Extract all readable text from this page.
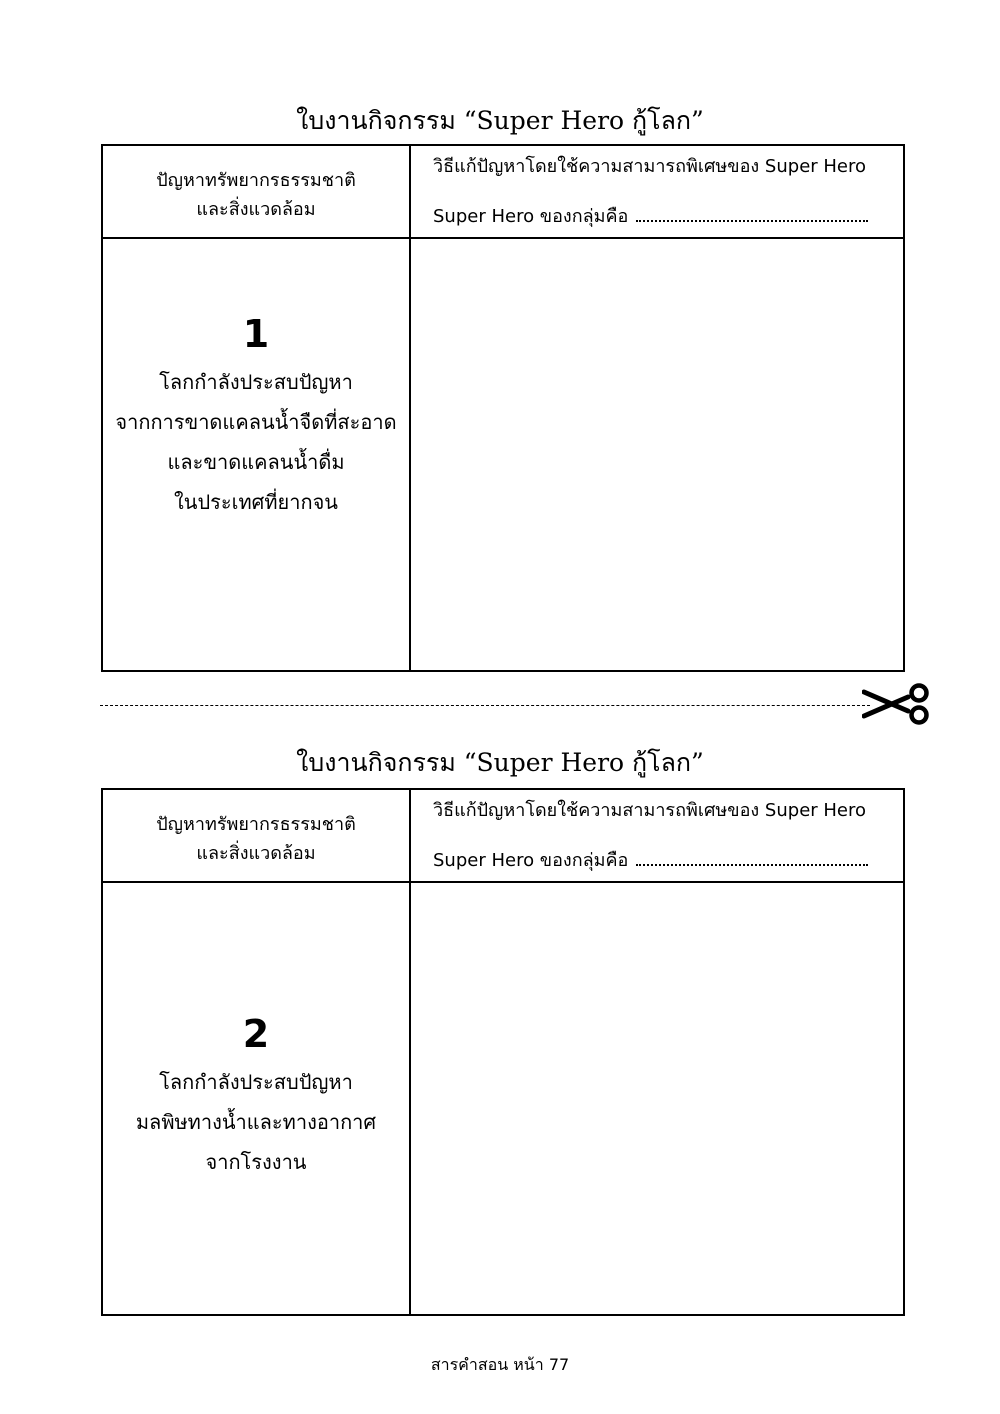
ใบงานกิจกรรม “Super Hero กู้โลก”
ปัญหาทรัพยากรธรรมชาติ
และสิ่งแวดล้อม
วิธีแก้ปัญหาโดยใช้ความสามารถพิเศษของ Super Hero
Super Hero ของกลุ่มคือ
1
โลกกำลังประสบปัญหา
จากการขาดแคลนน้ำจืดที่สะอาด
และขาดแคลนน้ำดื่ม
ในประเทศที่ยากจน
ใบงานกิจกรรม “Super Hero กู้โลก”
ปัญหาทรัพยากรธรรมชาติ
และสิ่งแวดล้อม
วิธีแก้ปัญหาโดยใช้ความสามารถพิเศษของ Super Hero
Super Hero ของกลุ่มคือ
2
โลกกำลังประสบปัญหา
มลพิษทางน้ำและทางอากาศ
จากโรงงาน
สารคำสอน หน้า 77
